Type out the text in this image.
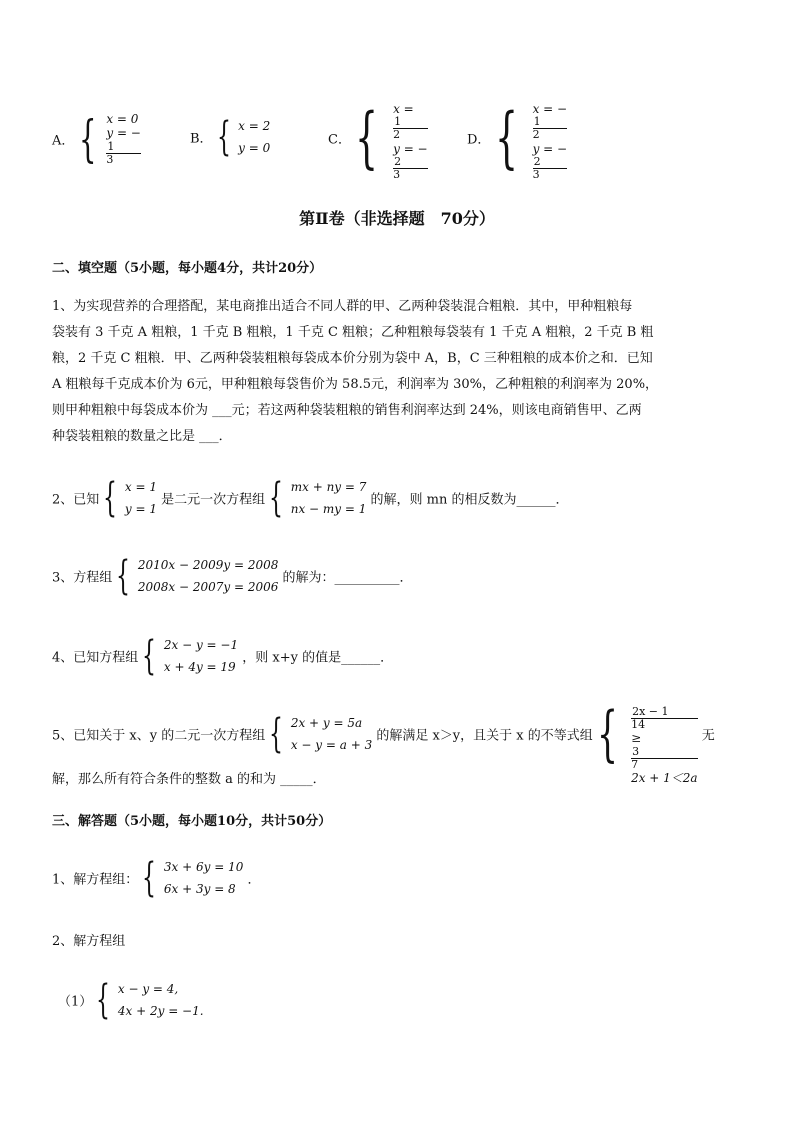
A． { x = 0
y = −
1
3
B． { x = 2
y = 0
C． { x =
1
2
y = −
2
3
D． { x = −
1
2
y = −
2
3
第Ⅱ卷（非选择题　70分）
二、填空题（5小题，每小题4分，共计20分）
1、为实现营养的合理搭配，某电商推出适合不同人群的甲、乙两种袋装混合粗粮．其中，甲种粗粮每
袋装有 3 千克 A 粗粮，1 千克 B 粗粮，1 千克 C 粗粮；乙种粗粮每袋装有 1 千克 A 粗粮，2 千克 B 粗
粮，2 千克 C 粗粮．甲、乙两种袋装粗粮每袋成本价分别为袋中 A，B，C 三种粗粮的成本价之和．已知
A 粗粮每千克成本价为 6元，甲种粗粮每袋售价为 58.5元，利润率为 30%，乙种粗粮的利润率为 20%，
则甲种粗粮中每袋成本价为 ___元；若这两种袋装粗粮的销售利润率达到 24%，则该电商销售甲、乙两
种袋装粗粮的数量之比是 ___．
2、已知 { x = 1
y = 1
是二元一次方程组 { mx + ny = 7
nx − my = 1
的解，则 mn 的相反数为______．
3、方程组 { 2010x − 2009y = 2008
2008x − 2007y = 2006
的解为：__________．
4、已知方程组 { 2x − y = −1
x + 4y = 19
，则 x+y 的值是______．
5、已知关于 x、y 的二元一次方程组 { 2x + y = 5a
x − y = a + 3
的解满足 x＞y，且关于 x 的不等式组 { 2x − 1
14
≥
3
7
2x + 1＜2a
无
解，那么所有符合条件的整数 a 的和为 _____．
三、解答题（5小题，每小题10分，共计50分）
1、解方程组： { 3x + 6y = 10
6x + 3y = 8
．
2、解方程组
（1） { x − y = 4,
4x + 2y = −1.
